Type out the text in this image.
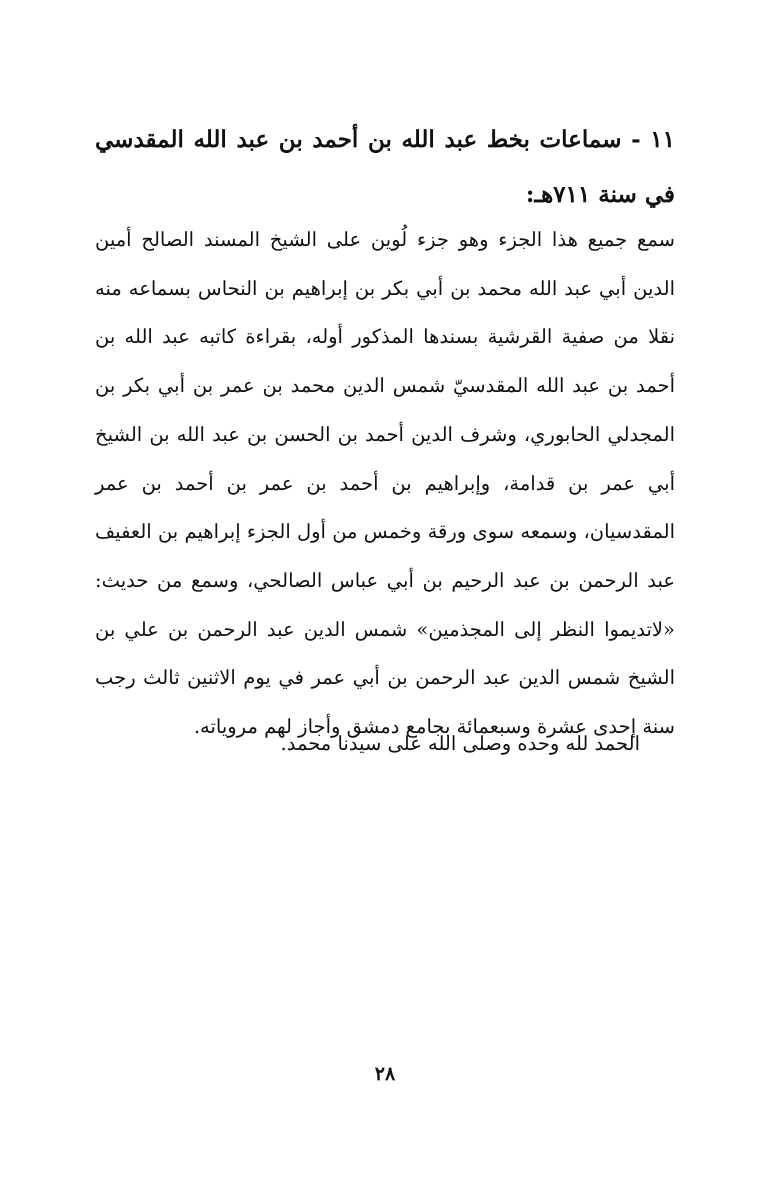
١١ - سماعات بخط عبد الله بن أحمد بن عبد الله المقدسي في سنة ٧١١هـ:
سمع جميع هذا الجزء وهو جزء لُوين على الشيخ المسند الصالح أمين الدين أبي عبد الله محمد بن أبي بكر بن إبراهيم بن النحاس بسماعه منه نقلا من صفية القرشية بسندها المذكور أوله، بقراءة كاتبه عبد الله بن أحمد بن عبد الله المقدسيّ شمس الدين محمد بن عمر بن أبي بكر بن المجدلي الحابوري، وشرف الدين أحمد بن الحسن بن عبد الله بن الشيخ أبي عمر بن قدامة، وإبراهيم بن أحمد بن عمر بن أحمد بن عمر المقدسيان، وسمعه سوى ورقة وخمس من أول الجزء إبراهيم بن العفيف عبد الرحمن بن عبد الرحيم بن أبي عباس الصالحي، وسمع من حديث: «لاتديموا النظر إلى المجذمين» شمس الدين عبد الرحمن بن علي بن الشيخ شمس الدين عبد الرحمن بن أبي عمر في يوم الاثنين ثالث رجب سنة إحدى عشرة وسبعمائة بجامع دمشق وأجاز لهم مروياته.
الحمد لله وحده وصلى الله على سيدنا محمد.
٢٨
